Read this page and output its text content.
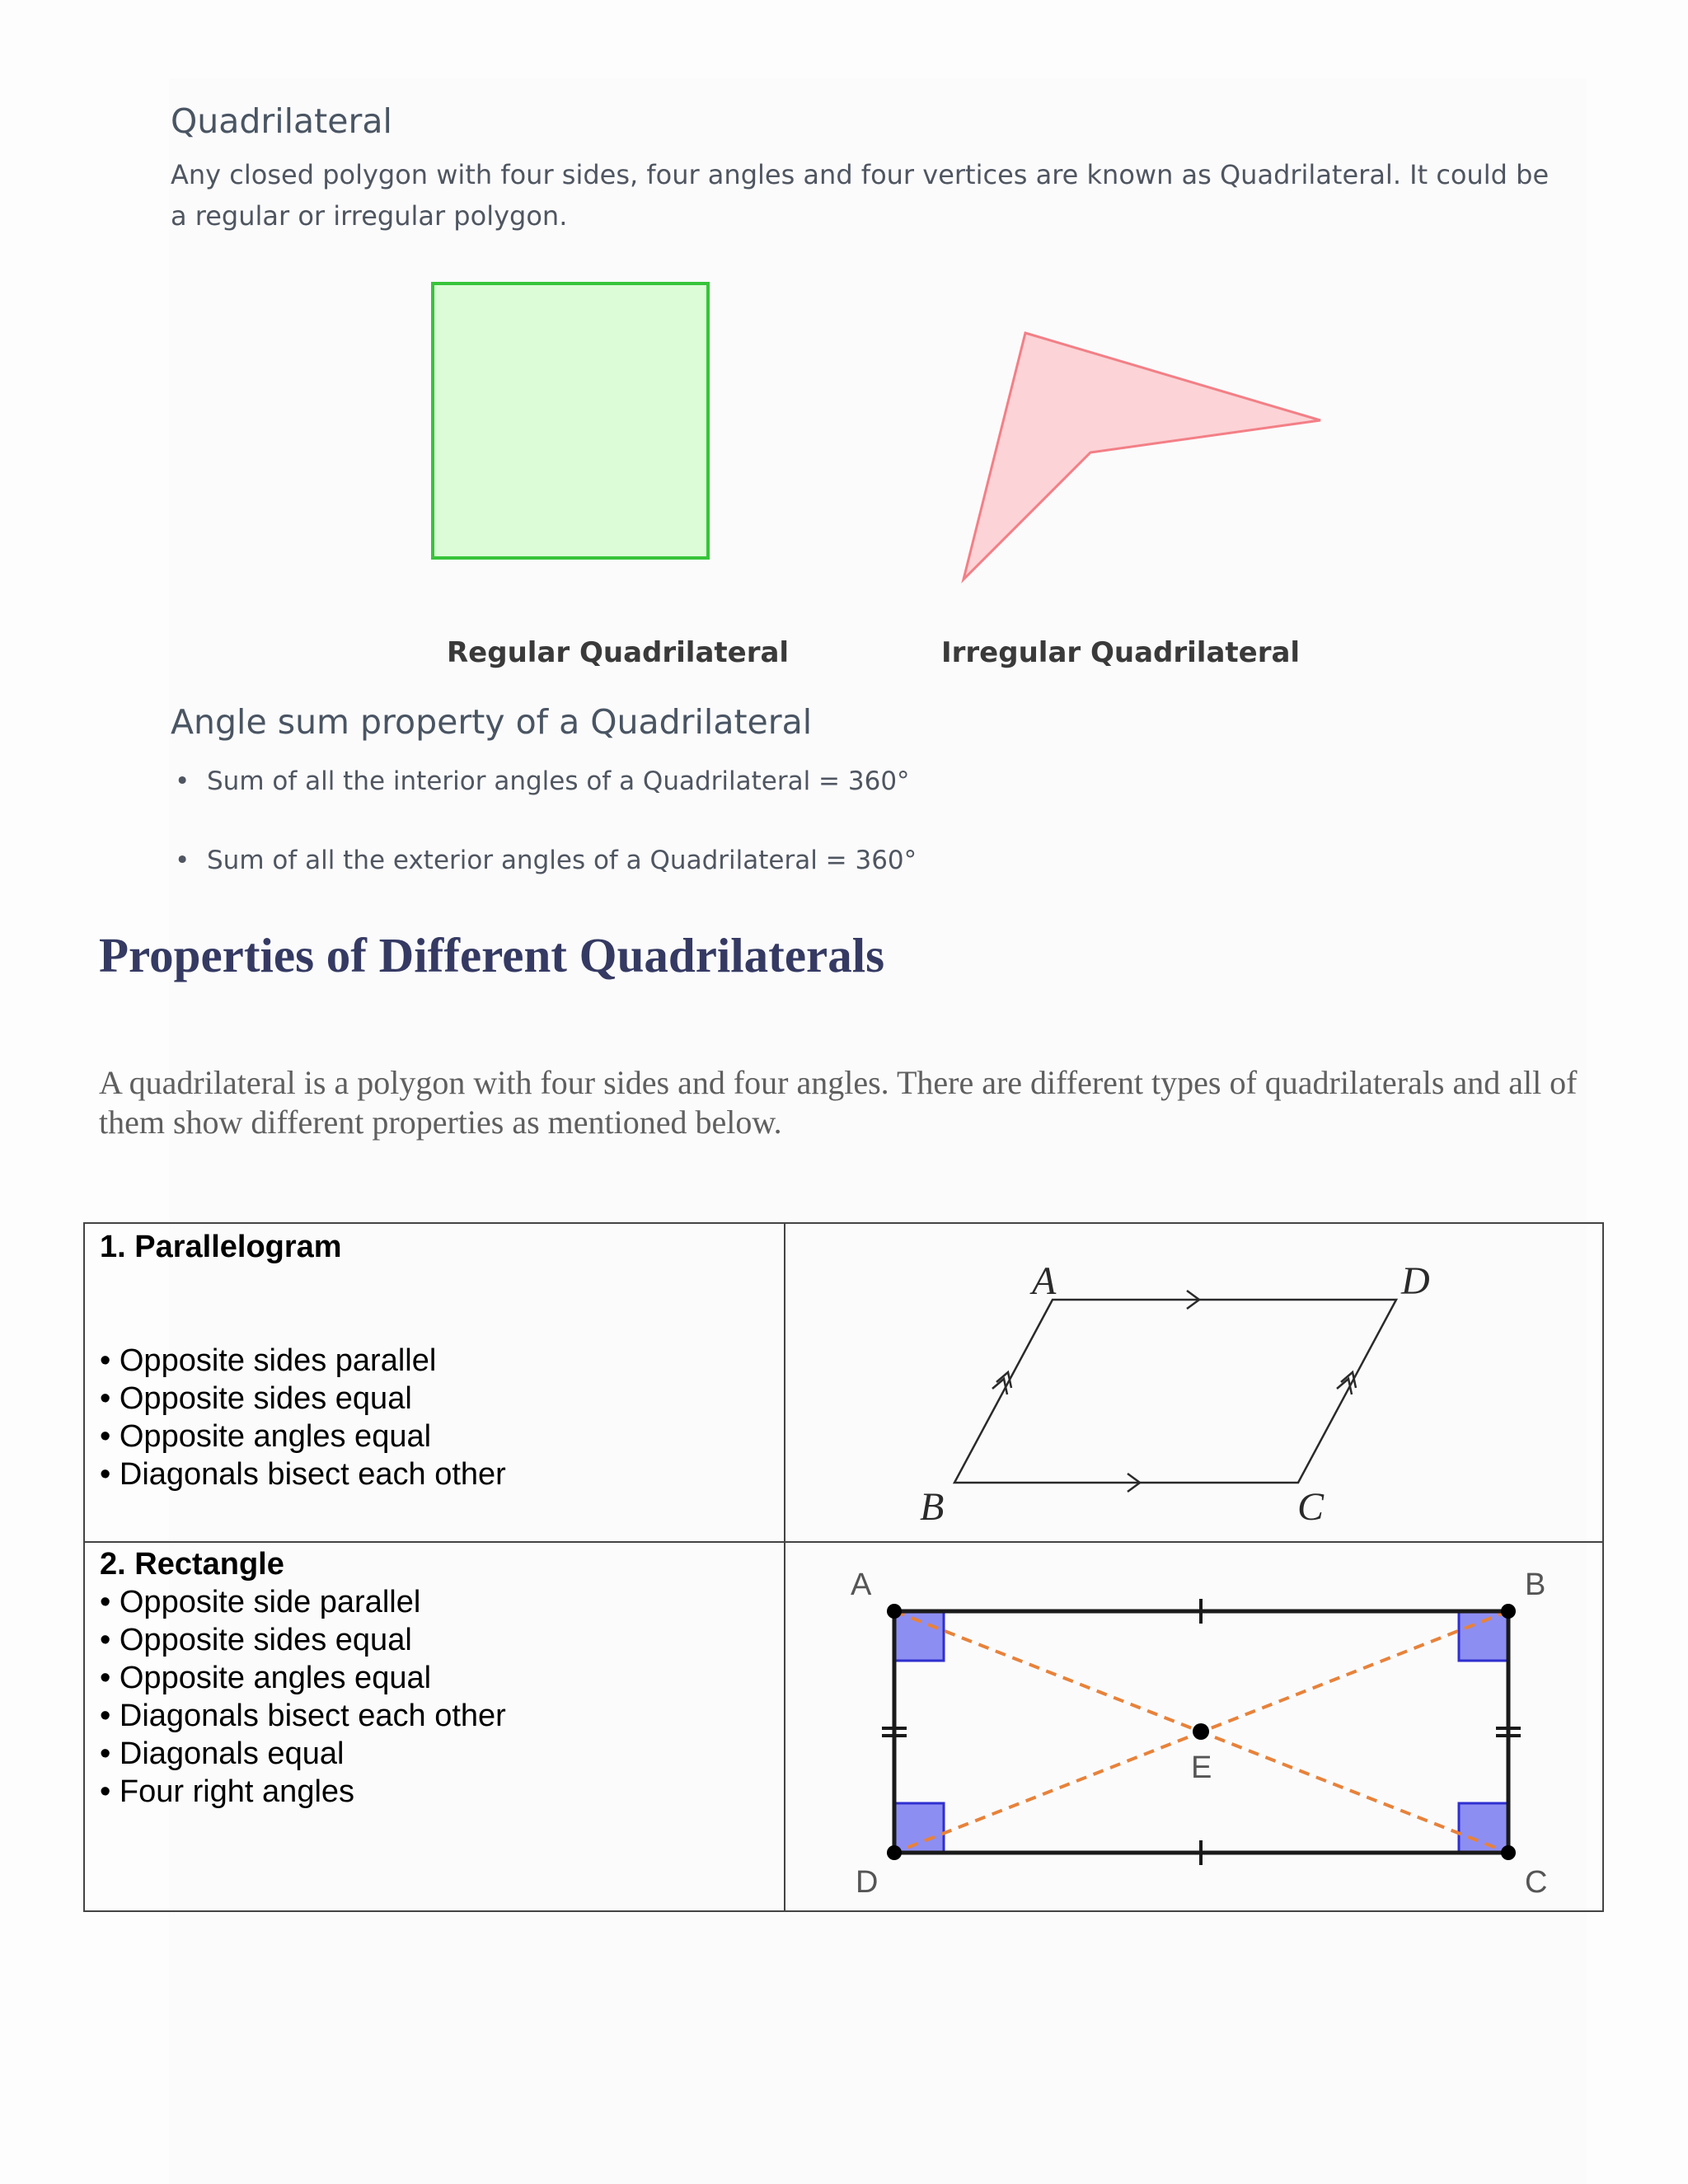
Quadrilateral

Any closed polygon with four sides, four angles and four vertices are known as Quadrilateral. It could be a regular or irregular polygon.

Regular Quadrilateral	Irregular Quadrilateral
Angle sum property of a Quadrilateral
• Sum of all the interior angles of a Quadrilateral = 360°
• Sum of all the exterior angles of a Quadrilateral = 360°
Properties of Different Quadrilaterals

A quadrilateral is a polygon with four sides and four angles. There are different types of quadrilaterals and all of them show different properties as mentioned below.

1. Parallelogram
• Opposite sides parallel
• Opposite sides equal
• Opposite angles equal
• Diagonals bisect each other
2. Rectangle
• Opposite side parallel
• Opposite sides equal
• Opposite angles equal
• Diagonals bisect each other
• Diagonals equal
• Four right angles
A	D
B	C
A	B
D	C
E
